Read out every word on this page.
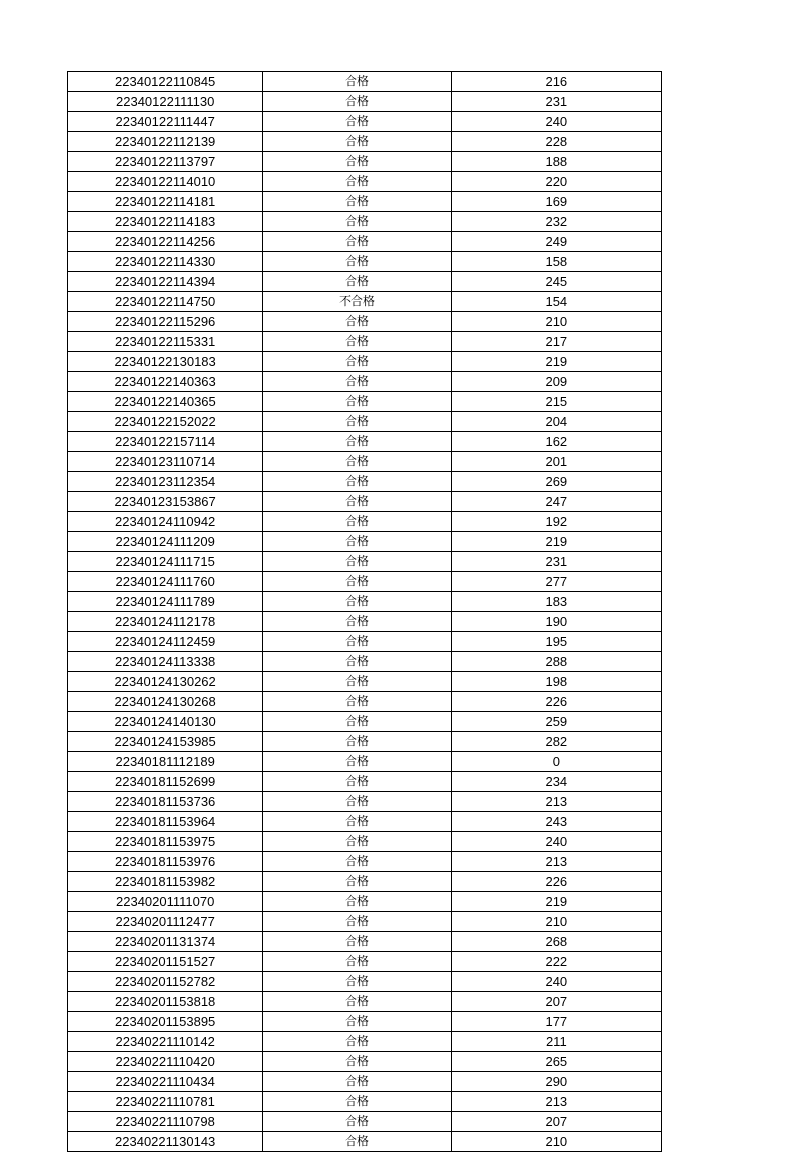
22340122110845	合格	216
22340122111130	合格	231
22340122111447	合格	240
22340122112139	合格	228
22340122113797	合格	188
22340122114010	合格	220
22340122114181	合格	169
22340122114183	合格	232
22340122114256	合格	249
22340122114330	合格	158
22340122114394	合格	245
22340122114750	不合格	154
22340122115296	合格	210
22340122115331	合格	217
22340122130183	合格	219
22340122140363	合格	209
22340122140365	合格	215
22340122152022	合格	204
22340122157114	合格	162
22340123110714	合格	201
22340123112354	合格	269
22340123153867	合格	247
22340124110942	合格	192
22340124111209	合格	219
22340124111715	合格	231
22340124111760	合格	277
22340124111789	合格	183
22340124112178	合格	190
22340124112459	合格	195
22340124113338	合格	288
22340124130262	合格	198
22340124130268	合格	226
22340124140130	合格	259
22340124153985	合格	282
22340181112189	合格	0
22340181152699	合格	234
22340181153736	合格	213
22340181153964	合格	243
22340181153975	合格	240
22340181153976	合格	213
22340181153982	合格	226
22340201111070	合格	219
22340201112477	合格	210
22340201131374	合格	268
22340201151527	合格	222
22340201152782	合格	240
22340201153818	合格	207
22340201153895	合格	177
22340221110142	合格	211
22340221110420	合格	265
22340221110434	合格	290
22340221110781	合格	213
22340221110798	合格	207
22340221130143	合格	210
